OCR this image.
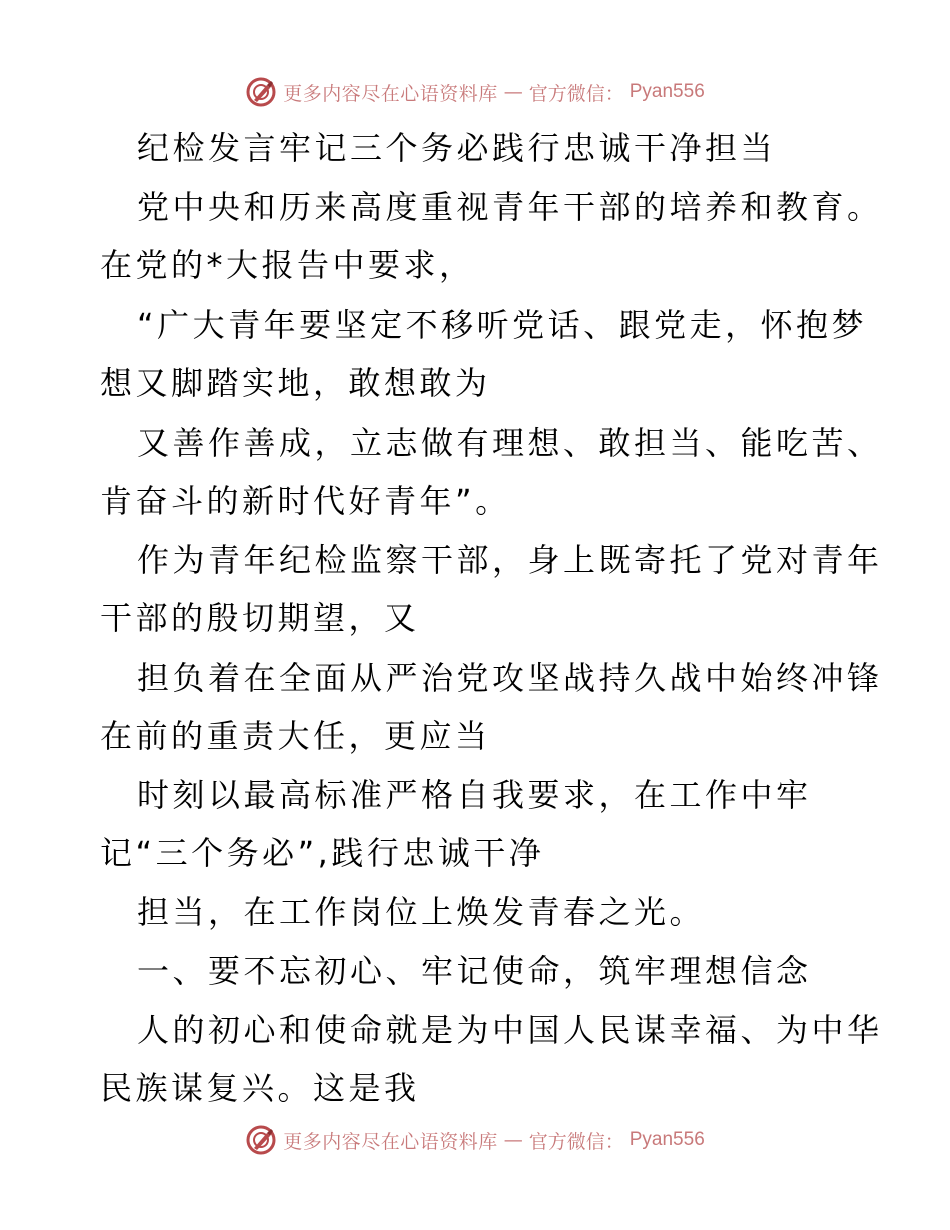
更多内容尽在心语资料库 — 官方微信： Pyan556
纪检发言牢记三个务必践行忠诚干净担当
党中央和历来高度重视青年干部的培养和教育。
在党的*大报告中要求，
“广大青年要坚定不移听党话、跟党走，怀抱梦
想又脚踏实地，敢想敢为
又善作善成，立志做有理想、敢担当、能吃苦、
肯奋斗的新时代好青年”。
作为青年纪检监察干部，身上既寄托了党对青年
干部的殷切期望，又
担负着在全面从严治党攻坚战持久战中始终冲锋
在前的重责大任，更应当
时刻以最高标准严格自我要求，在工作中牢
记“三个务必”,践行忠诚干净
担当，在工作岗位上焕发青春之光。
一、要不忘初心、牢记使命，筑牢理想信念
人的初心和使命就是为中国人民谋幸福、为中华
民族谋复兴。这是我
更多内容尽在心语资料库 — 官方微信： Pyan556
